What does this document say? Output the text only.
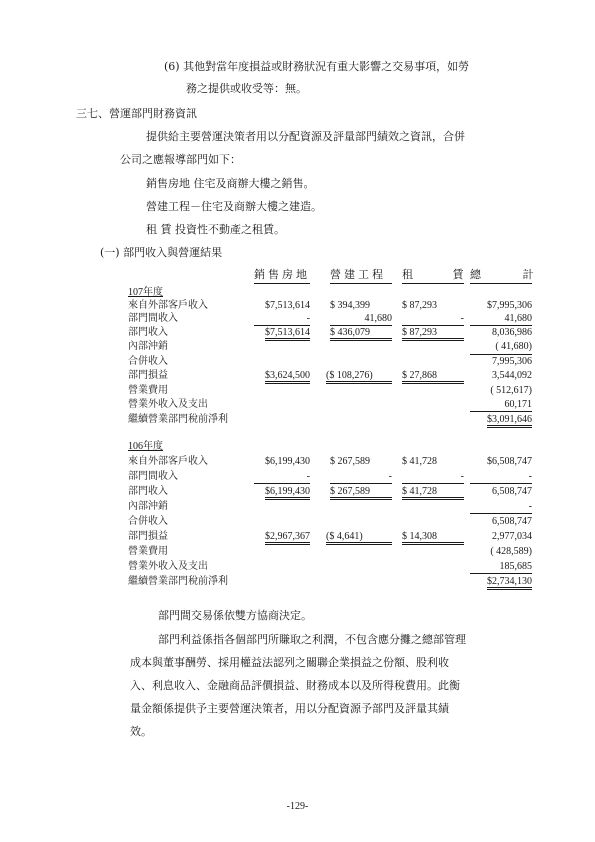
(6) 其他對當年度損益或財務狀況有重大影響之交易事項，如勞
務之提供或收受等：無。
三七、營運部門財務資訊
提供給主要營運決策者用以分配資源及評量部門績效之資訊，合併
公司之應報導部門如下：
銷售房地 住宅及商辦大樓之銷售。
營建工程－住宅及商辦大樓之建造。
租 賃 投資性不動產之租賃。
(一) 部門收入與營運結果
銷售房地 營建工程 租 賃 總 計
107年度
來自外部客戶收入	$7,513,614 $ 394,399	$ 87,293	$7,995,306
部門間收入	-	41,680	-	41,680
部門收入	$7,513,614 $ 436,079	$ 87,293	8,036,986
內部沖銷	( 41,680)
合併收入	7,995,306
部門損益	$3,624,500 ($ 108,276)	$ 27,868	3,544,092
營業費用	( 512,617)
營業外收入及支出	60,171
繼續營業部門稅前淨利	$3,091,646
106年度
來自外部客戶收入	$6,199,430 $ 267,589	$ 41,728	$6,508,747
部門間收入	-	-	-	-
部門收入	$6,199,430 $ 267,589	$ 41,728	6,508,747
內部沖銷	-
合併收入	6,508,747
部門損益	$2,967,367 ($ 4,641)	$ 14,308	2,977,034
營業費用	( 428,589)
營業外收入及支出	185,685
繼續營業部門稅前淨利	$2,734,130
部門間交易係依雙方協商決定。
部門利益係指各個部門所賺取之利潤，不包含應分攤之總部管理
成本與董事酬勞、採用權益法認列之關聯企業損益之份額、股利收
入、利息收入、金融商品評價損益、財務成本以及所得稅費用。此衡
量金額係提供予主要營運決策者，用以分配資源予部門及評量其績
效。
-129-
